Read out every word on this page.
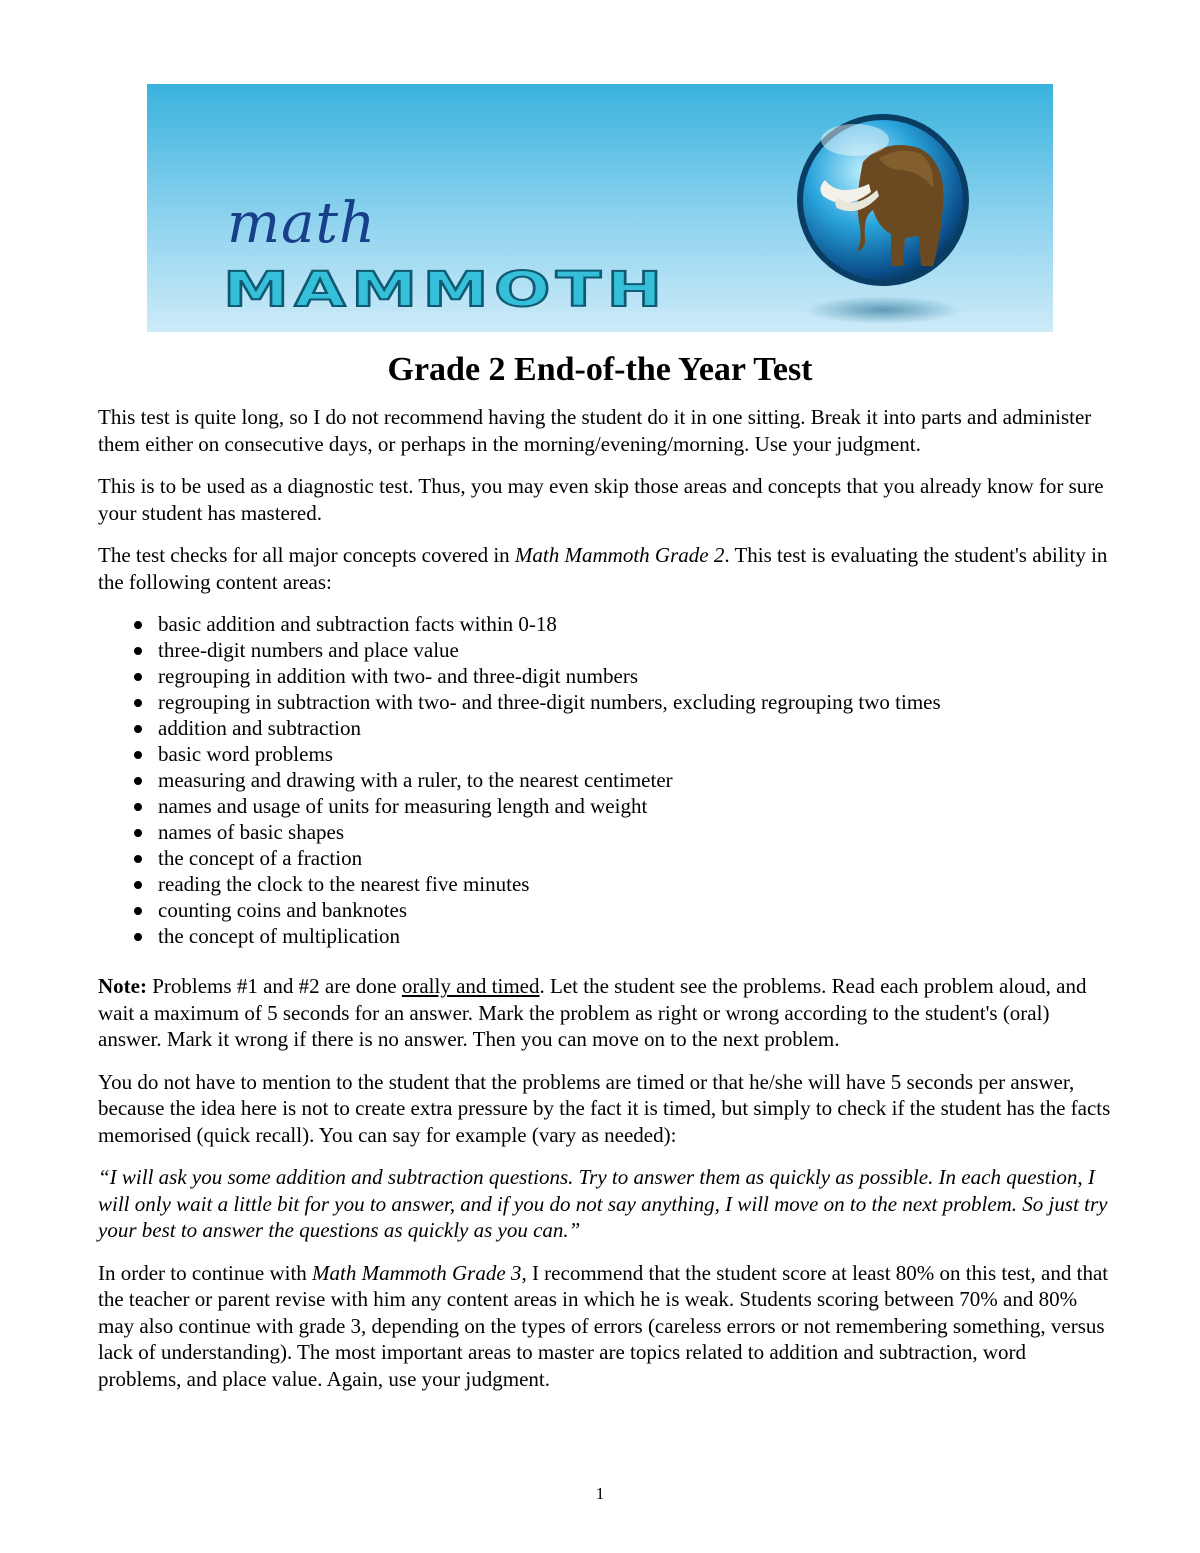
math
MAMMOTH
Grade 2 End-of-the Year Test

This test is quite long, so I do not recommend having the student do it in one sitting. Break it into parts and administer them either on consecutive days, or perhaps in the morning/evening/morning. Use your judgment.

This is to be used as a diagnostic test. Thus, you may even skip those areas and concepts that you already know for sure your student has mastered.

The test checks for all major concepts covered in Math Mammoth Grade 2. This test is evaluating the student's ability in the following content areas:

basic addition and subtraction facts within 0-18
three-digit numbers and place value
regrouping in addition with two- and three-digit numbers
regrouping in subtraction with two- and three-digit numbers, excluding regrouping two times
addition and subtraction
basic word problems
measuring and drawing with a ruler, to the nearest centimeter
names and usage of units for measuring length and weight
names of basic shapes
the concept of a fraction
reading the clock to the nearest five minutes
counting coins and banknotes
the concept of multiplication

Note: Problems #1 and #2 are done orally and timed. Let the student see the problems. Read each problem aloud, and wait a maximum of 5 seconds for an answer. Mark the problem as right or wrong according to the student's (oral) answer. Mark it wrong if there is no answer. Then you can move on to the next problem.

You do not have to mention to the student that the problems are timed or that he/she will have 5 seconds per answer, because the idea here is not to create extra pressure by the fact it is timed, but simply to check if the student has the facts memorised (quick recall). You can say for example (vary as needed):

“I will ask you some addition and subtraction questions. Try to answer them as quickly as possible. In each question, I will only wait a little bit for you to answer, and if you do not say anything, I will move on to the next problem. So just try your best to answer the questions as quickly as you can.”

In order to continue with Math Mammoth Grade 3, I recommend that the student score at least 80% on this test, and that the teacher or parent revise with him any content areas in which he is weak. Students scoring between 70% and 80% may also continue with grade 3, depending on the types of errors (careless errors or not remembering something, versus lack of understanding). The most important areas to master are topics related to addition and subtraction, word problems, and place value. Again, use your judgment.

1
